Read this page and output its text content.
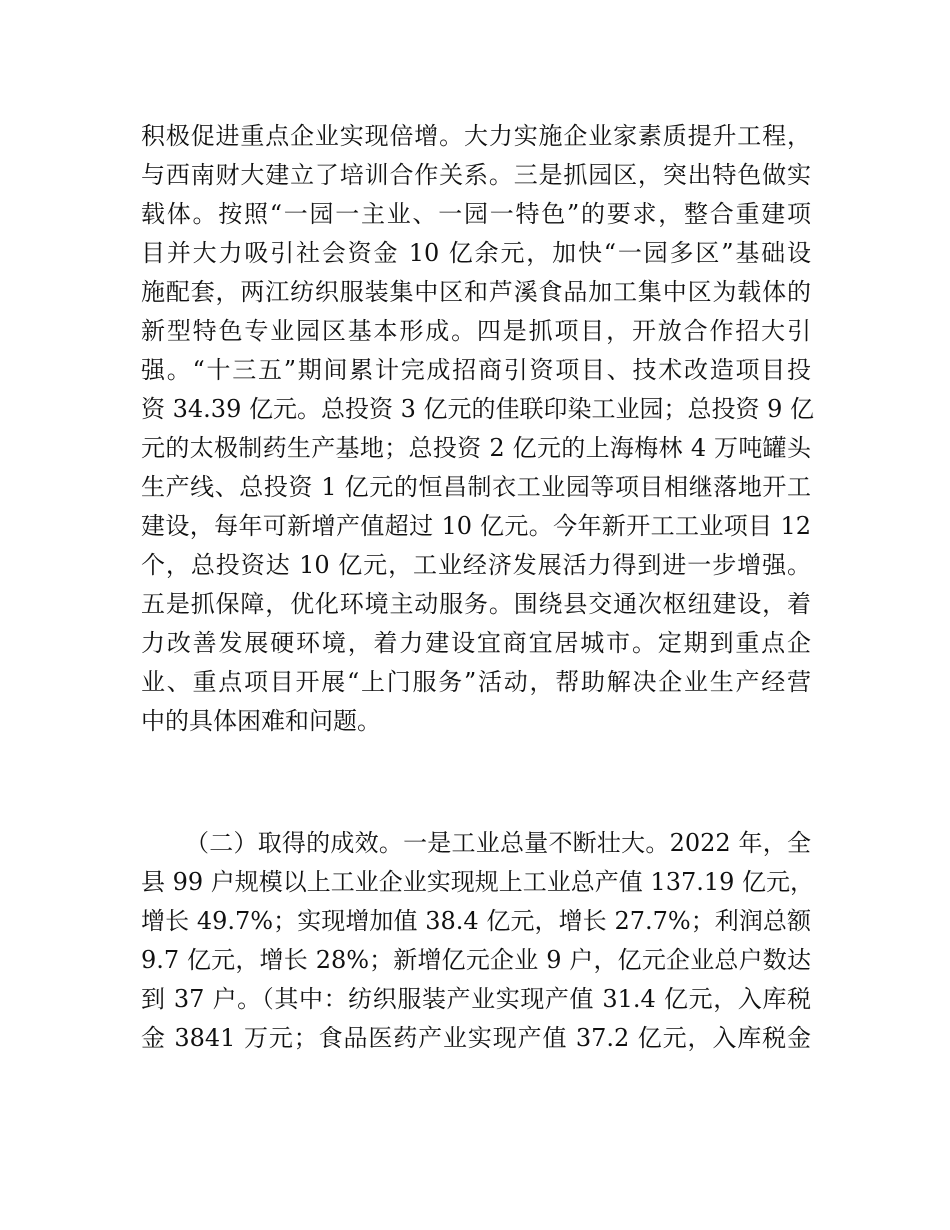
积极促进重点企业实现倍增。大力实施企业家素质提升工程，
与西南财大建立了培训合作关系。三是抓园区，突出特色做实
载体。按照“一园一主业、一园一特色”的要求，整合重建项
目并大力吸引社会资金 10 亿余元，加快“一园多区”基础设
施配套，两江纺织服装集中区和芦溪食品加工集中区为载体的
新型特色专业园区基本形成。四是抓项目，开放合作招大引
强。“十三五”期间累计完成招商引资项目、技术改造项目投
资 34.39 亿元。总投资 3 亿元的佳联印染工业园；总投资 9 亿
元的太极制药生产基地；总投资 2 亿元的上海梅林 4 万吨罐头
生产线、总投资 1 亿元的恒昌制衣工业园等项目相继落地开工
建设，每年可新增产值超过 10 亿元。今年新开工工业项目 12
个，总投资达 10 亿元，工业经济发展活力得到进一步增强。
五是抓保障，优化环境主动服务。围绕县交通次枢纽建设，着
力改善发展硬环境，着力建设宜商宜居城市。定期到重点企
业、重点项目开展“上门服务”活动，帮助解决企业生产经营
中的具体困难和问题。
（二）取得的成效。一是工业总量不断壮大。2022 年，全
县 99 户规模以上工业企业实现规上工业总产值 137.19 亿元，
增长 49.7%；实现增加值 38.4 亿元，增长 27.7%；利润总额
9.7 亿元，增长 28%；新增亿元企业 9 户，亿元企业总户数达
到 37 户。（其中：纺织服装产业实现产值 31.4 亿元，入库税
金 3841 万元；食品医药产业实现产值 37.2 亿元，入库税金
